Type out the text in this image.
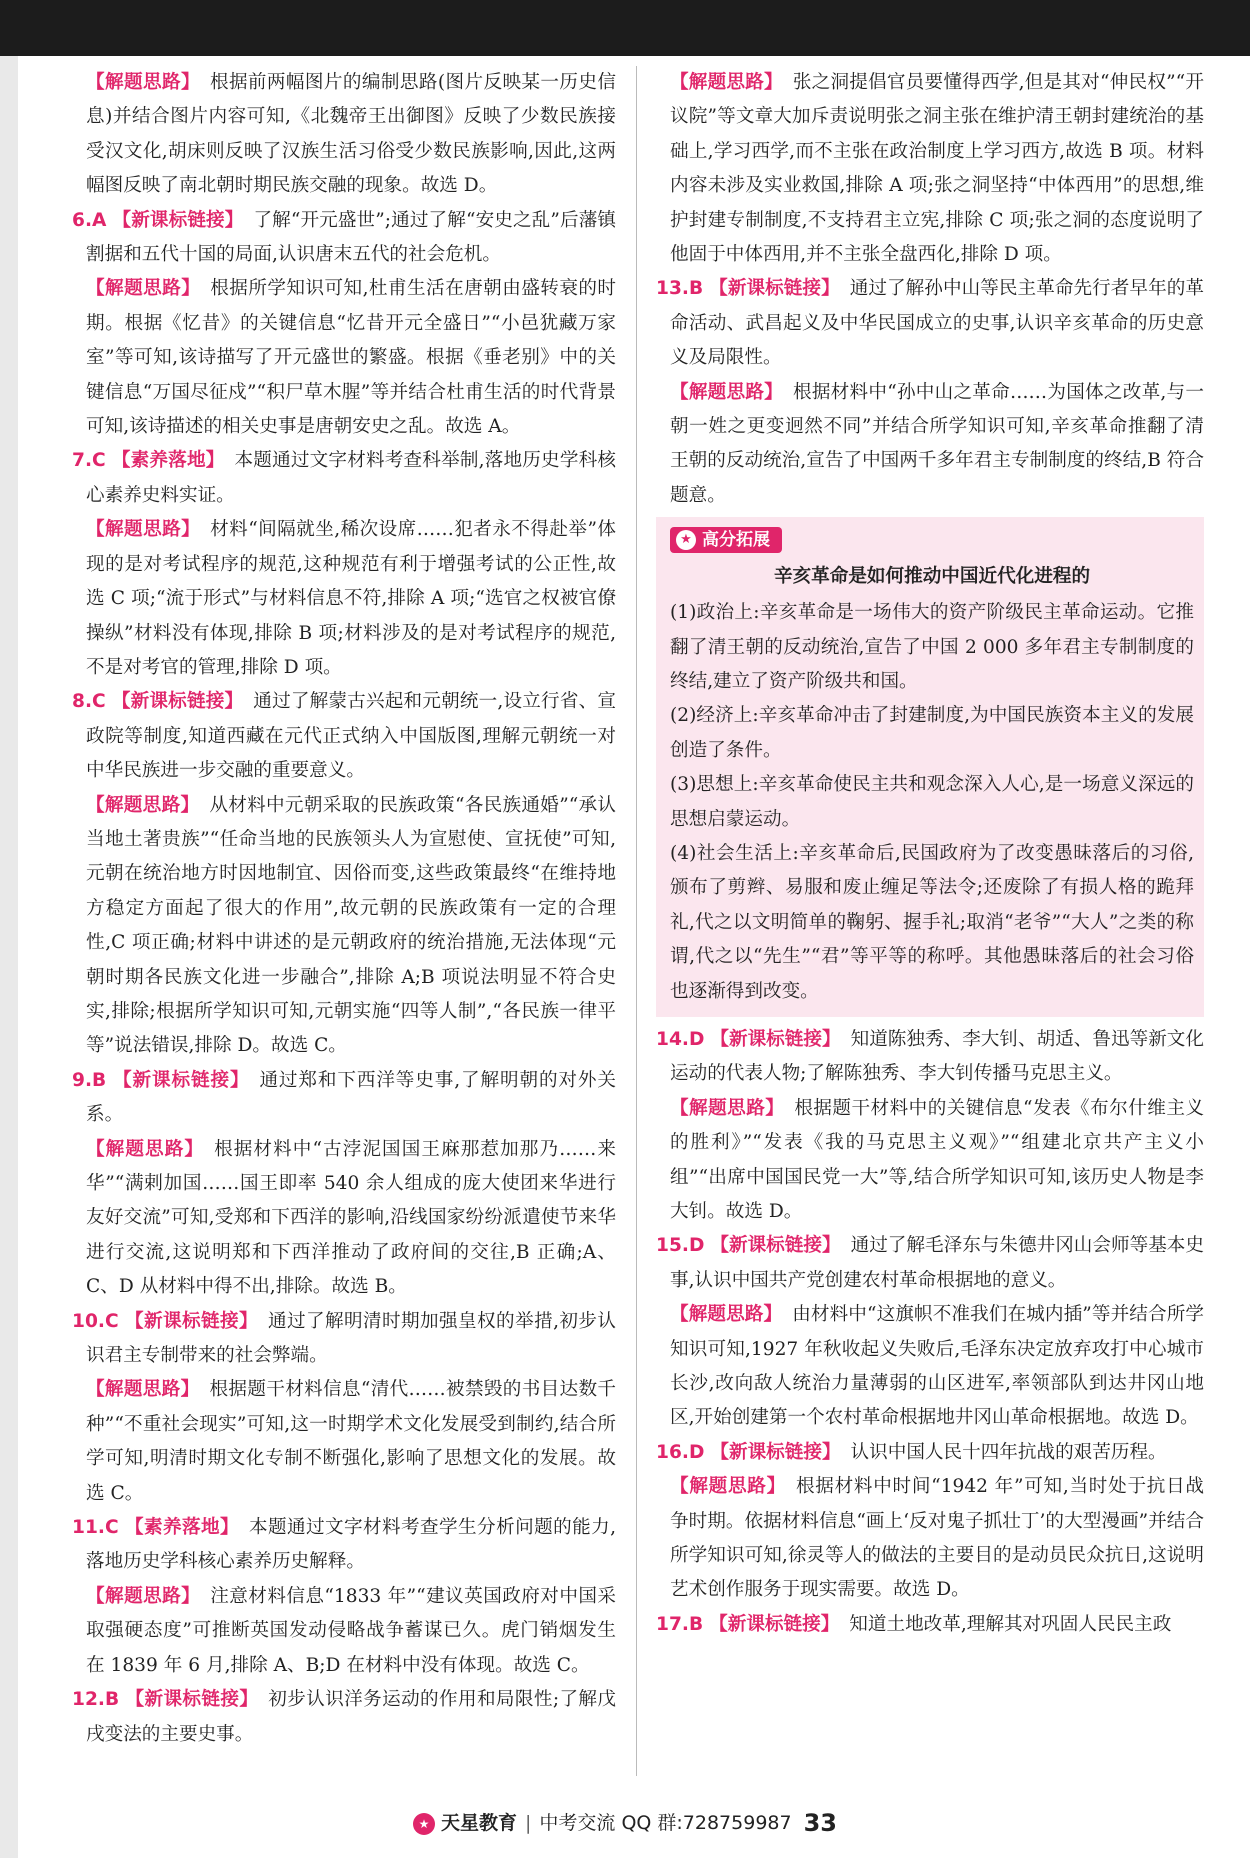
【解题思路】 根据前两幅图片的编制思路(图片反映某一历史信息)并结合图片内容可知,《北魏帝王出御图》反映了少数民族接受汉文化,胡床则反映了汉族生活习俗受少数民族影响,因此,这两幅图反映了南北朝时期民族交融的现象。故选 D。

6.A 【新课标链接】 了解“开元盛世”;通过了解“安史之乱”后藩镇割据和五代十国的局面,认识唐末五代的社会危机。

【解题思路】 根据所学知识可知,杜甫生活在唐朝由盛转衰的时期。根据《忆昔》的关键信息“忆昔开元全盛日”“小邑犹藏万家室”等可知,该诗描写了开元盛世的繁盛。根据《垂老别》中的关键信息“万国尽征戍”“积尸草木腥”等并结合杜甫生活的时代背景可知,该诗描述的相关史事是唐朝安史之乱。故选 A。

7.C 【素养落地】 本题通过文字材料考查科举制,落地历史学科核心素养史料实证。

【解题思路】 材料“间隔就坐,稀次设席……犯者永不得赴举”体现的是对考试程序的规范,这种规范有利于增强考试的公正性,故选 C 项;“流于形式”与材料信息不符,排除 A 项;“选官之权被官僚操纵”材料没有体现,排除 B 项;材料涉及的是对考试程序的规范,不是对考官的管理,排除 D 项。

8.C 【新课标链接】 通过了解蒙古兴起和元朝统一,设立行省、宣政院等制度,知道西藏在元代正式纳入中国版图,理解元朝统一对中华民族进一步交融的重要意义。

【解题思路】 从材料中元朝采取的民族政策“各民族通婚”“承认当地土著贵族”“任命当地的民族领头人为宣慰使、宣抚使”可知,元朝在统治地方时因地制宜、因俗而变,这些政策最终“在维持地方稳定方面起了很大的作用”,故元朝的民族政策有一定的合理性,C 项正确;材料中讲述的是元朝政府的统治措施,无法体现“元朝时期各民族文化进一步融合”,排除 A;B 项说法明显不符合史实,排除;根据所学知识可知,元朝实施“四等人制”,“各民族一律平等”说法错误,排除 D。故选 C。

9.B 【新课标链接】 通过郑和下西洋等史事,了解明朝的对外关系。

【解题思路】 根据材料中“古浡泥国国王麻那惹加那乃……来华”“满剌加国……国王即率 540 余人组成的庞大使团来华进行友好交流”可知,受郑和下西洋的影响,沿线国家纷纷派遣使节来华进行交流,这说明郑和下西洋推动了政府间的交往,B 正确;A、C、D 从材料中得不出,排除。故选 B。

10.C 【新课标链接】 通过了解明清时期加强皇权的举措,初步认识君主专制带来的社会弊端。

【解题思路】 根据题干材料信息“清代……被禁毁的书目达数千种”“不重社会现实”可知,这一时期学术文化发展受到制约,结合所学可知,明清时期文化专制不断强化,影响了思想文化的发展。故选 C。

11.C 【素养落地】 本题通过文字材料考查学生分析问题的能力,落地历史学科核心素养历史解释。

【解题思路】 注意材料信息“1833 年”“建议英国政府对中国采取强硬态度”可推断英国发动侵略战争蓄谋已久。虎门销烟发生在 1839 年 6 月,排除 A、B;D 在材料中没有体现。故选 C。

12.B 【新课标链接】 初步认识洋务运动的作用和局限性;了解戊戌变法的主要史事。

【解题思路】 张之洞提倡官员要懂得西学,但是其对“伸民权”“开议院”等文章大加斥责说明张之洞主张在维护清王朝封建统治的基础上,学习西学,而不主张在政治制度上学习西方,故选 B 项。材料内容未涉及实业救国,排除 A 项;张之洞坚持“中体西用”的思想,维护封建专制制度,不支持君主立宪,排除 C 项;张之洞的态度说明了他固于中体西用,并不主张全盘西化,排除 D 项。

13.B 【新课标链接】 通过了解孙中山等民主革命先行者早年的革命活动、武昌起义及中华民国成立的史事,认识辛亥革命的历史意义及局限性。

【解题思路】 根据材料中“孙中山之革命……为国体之改革,与一朝一姓之更变迥然不同”并结合所学知识可知,辛亥革命推翻了清王朝的反动统治,宣告了中国两千多年君主专制制度的终结,B 符合题意。

★ 高分拓展
辛亥革命是如何推动中国近代化进程的

(1)政治上:辛亥革命是一场伟大的资产阶级民主革命运动。它推翻了清王朝的反动统治,宣告了中国 2 000 多年君主专制制度的终结,建立了资产阶级共和国。

(2)经济上:辛亥革命冲击了封建制度,为中国民族资本主义的发展创造了条件。

(3)思想上:辛亥革命使民主共和观念深入人心,是一场意义深远的思想启蒙运动。

(4)社会生活上:辛亥革命后,民国政府为了改变愚昧落后的习俗,颁布了剪辫、易服和废止缠足等法令;还废除了有损人格的跪拜礼,代之以文明简单的鞠躬、握手礼;取消“老爷”“大人”之类的称谓,代之以“先生”“君”等平等的称呼。其他愚昧落后的社会习俗也逐渐得到改变。

14.D 【新课标链接】 知道陈独秀、李大钊、胡适、鲁迅等新文化运动的代表人物;了解陈独秀、李大钊传播马克思主义。

【解题思路】 根据题干材料中的关键信息“发表《布尔什维主义的胜利》”“发表《我的马克思主义观》”“组建北京共产主义小组”“出席中国国民党一大”等,结合所学知识可知,该历史人物是李大钊。故选 D。

15.D 【新课标链接】 通过了解毛泽东与朱德井冈山会师等基本史事,认识中国共产党创建农村革命根据地的意义。

【解题思路】 由材料中“这旗帜不准我们在城内插”等并结合所学知识可知,1927 年秋收起义失败后,毛泽东决定放弃攻打中心城市长沙,改向敌人统治力量薄弱的山区进军,率领部队到达井冈山地区,开始创建第一个农村革命根据地井冈山革命根据地。故选 D。

16.D 【新课标链接】 认识中国人民十四年抗战的艰苦历程。

【解题思路】 根据材料中时间“1942 年”可知,当时处于抗日战争时期。依据材料信息“画上‘反对鬼子抓壮丁’的大型漫画”并结合所学知识可知,徐灵等人的做法的主要目的是动员民众抗日,这说明艺术创作服务于现实需要。故选 D。

17.B 【新课标链接】 知道土地改革,理解其对巩固人民民主政

★ 天星教育 | 中考交流 QQ 群:728759987 33
